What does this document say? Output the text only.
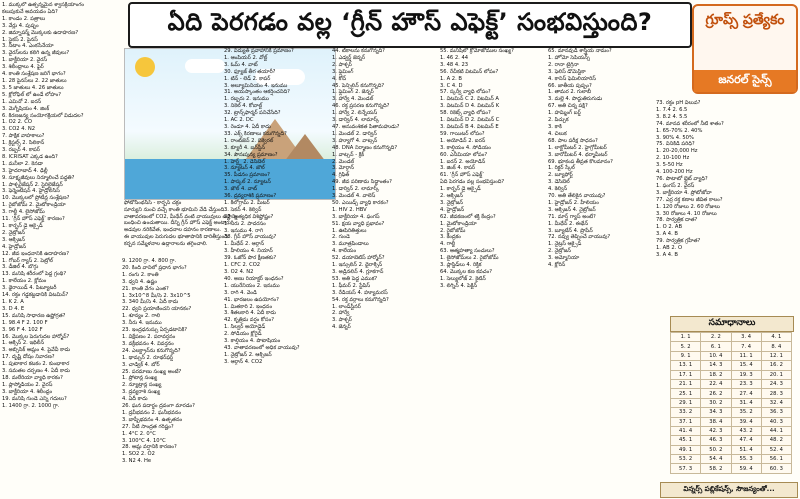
ఏది పెరగడం వల్ల ‘గ్రీన్ హౌస్ ఎఫెక్ట్’ సంభవిస్తుంది?	గ్రూప్స్ ప్రత్యేకం
జనరల్ సైన్స్
ఫోటోసింథసిస్ - కార్బన్ చక్రం
సూర్యుని నుంచి వచ్చే కాంతి భూమిని వేడి చేస్తుంది.
వాతావరణంలో CO2, మీథేన్ వంటి వాయువులు ఉష్ణాన్ని
బంధించి ఉంచుతాయి. దీన్ని గ్రీన్ హౌస్ ఎఫెక్ట్ అంటారు.
అడవుల నరికివేత, ఇంధనాల దహనం కారణాలు.
ఈ వాయువుల పెరుగుదల భూతాపానికి దారితీస్తుంది.
కర్బన సమ్మేళనాల ఉద్గారాలను తగ్గించాలి.

1. ముక్కలో ఉత్పన్నమైన శ్వాసక్రియాంగం

కలుపుకునే అవయవం ఏది?

1. కాండం 2. పత్రాలు

3. వేర్లు 4. పుష్పం

2. జిమ్నాపర్మ్ మొక్కలకు ఉదాహరణ?

1. సైకస్ 2. పైనస్

3. నీటాం 4. ఎంకసేనేయా

3. వైరస్‌లను కలిగి ఉన్న జీవులు?

1. బాక్టీరియా 2. వైరస్

3. శిలీంధ్రాలు 4. ఫైర్‌

4. కాంతి సంశ్లేషణ జరిగే భాగం?

1. 28 పైనస్‌లు 2. 22 జాతులు

3. 5 జాతులు 4. 26 జాతులు

5. క్లోరోఫిల్ లో ఉండే లోహం?

1. ఎమినో 2. ఐరన్

3. మెగ్నీషియం 4. జింక్

6. కిరణజన్య సంయోగక్రియలో విడుదల?

1. O2 2. CO

3. CO2 4. N2

7. పాక్షిక వాహకాలు?

1. క్రిస్టల్స్ 2. సిలికాన్

3. రబ్బర్ 4. కాపర్

8. ICRISAT ఎక్కడ ఉంది?

1. మనీలా 2. కెనడా

3. హైదరాబాద్ 4. ఢిల్లీ

9. సూక్ష్మజీవులు నిర్మూలించే పద్ధతి?

1. పాశ్చరైజేషన్ 2. స్టెరిలైజేషన్

3. ఫెర్మెంటేషన్ 4. హైడ్రోలిసిస్

10. మొక్కలలో ప్రోటీన్ల సంశ్లేషణ?

1. రైబోజోమ్ 2. మైటోకాండ్రియా

3. గాల్జీ 4. లైసోజోమ్

11. ‘గ్రీన్ హౌస్ ఎఫెక్ట్’ కారణం?

1. కార్బన్ డై ఆక్సైడ్

2. నైట్రోజన్

3. ఆక్సిజన్

4. హైడ్రోజన్

12. జీవ ఇంధనానికి ఉదాహరణ?

1. గోబర్ గ్యాస్ 2. పెట్రోల్

3. డీజిల్ 4. బొగ్గు

13. మనిషి శరీరంలో పెద్ద గ్రంథి?

1. కాలేయం 2. క్లోమం

3. థైరాయిడ్ 4. పిట్యూటరీ

14. రక్తం గడ్డకట్టడానికి విటమిన్?

1. K 2. A

3. D 4. E

15. మనిషి సాధారణ ఉష్ణోగ్రత?

1. 98.4 F 2. 100 F

3. 96 F 4. 102 F

16. మొక్కల పెరుగుదల హార్మోన్?

1. ఆక్సిన్ 2. ఇథిలీన్

3. అబ్సిసిక్ ఆమ్లం 4. పైవేవీ కాదు

17. దృష్టి దోషం నివారణ?

1. పుటాకార కటకం 2. కుంభాకార

3. సమతల దర్పణం 4. ఏదీ కాదు

18. మలేరియా వ్యాధి కారకం?

1. ప్లాస్మోడియం 2. వైరస్

3. బాక్టీరియా 4. శిలీంధ్రం

19. మనిషి గుండె ఎన్ని గదులు?

1. 1400 గ్రా. 2. 1000 గ్రా.

9. 1200 గ్రా. 4. 800 గ్రా.

20. కింది వానిలో ప్రధాన భాగం?

1. రంగు 2. కాంతి

3. ధ్వని 4. ఉష్ణం

21. కాంతి వేగం ఎంత?

1. 3x10^8 మీ/సె 2. 3x10^5

3. 340 మీ/సె 4. ఏదీ కాదు

22. ధ్వని ప్రయాణించని యానకం?

1. శూన్యం 2. గాలి

3. నీరు 4. ఇనుము

23. ఇంద్రధనుస్సు ఏర్పడటానికి?

1. విక్షేపణం 2. పరావర్తనం

3. వక్రీభవనం 4. వివర్తనం

24. ఎలక్ట్రాన్‌ను కనుగొన్నది?

1. థామ్సన్ 2. రూథర్‌ఫర్డ్

3. చాడ్విక్ 4. బోర్

25. పరమాణు సంఖ్య అంటే?

1. ప్రోటాన్ల సంఖ్య

2. న్యూట్రాన్ల సంఖ్య

3. ద్రవ్యరాశి సంఖ్య

4. ఏదీ కాదు

26. ఘన పదార్థం ద్రవంగా మారడం?

1. ద్రవీభవనం 2. ఘనీభవనం

3. బాష్పీభవనం 4. ఉత్పతనం

27. నీటి సాంద్రత గరిష్టం?

1. 4°C 2. 0°C

3. 100°C 4. 10°C

28. ఆమ్ల వర్షానికి కారణం?

1. SO2 2. O2

3. N2 4. He

29. విద్యుత్ ప్రవాహానికి ప్రమాణం?

1. ఆంపియర్ 2. వోల్ట్

3. ఓమ్ 4. వాట్

30. ఫ్యూజ్ తీగ తయారీ?

1. టిన్ - లెడ్ 2. కాపర్

3. అల్యూమినియం 4. ఇనుము

31. అయస్కాంతం ఆకర్షించనిది?

1. రబ్బరు 2. ఇనుము

3. నికెల్ 4. కోబాల్ట్

32. ట్రాన్స్‌ఫార్మర్ పనిచేసేది?

1. AC 2. DC

3. రెండూ 4. ఏదీ కాదు

33. ఎక్స్ కిరణాలు కనుగొన్నది?

1. రాంట్‌జెన్ 2. బెక్వెరల్

3. క్యూరీ 4. ఐన్‌స్టీన్

34. పౌనఃపున్య ప్రమాణం?

1. హెర్ట్జ్ 2. డెసిబెల్

3. న్యూటన్ 4. జౌల్

35. పీడనం ప్రమాణం?

1. పాస్కల్ 2. న్యూటన్

3. జౌల్ 4. వాట్

36. ద్రవ్యరాశికి ప్రమాణం?

1. కిలోగ్రామ్ 2. మీటర్

3. సెకన్ 4. కెల్విన్

37. అత్యధిక విశిష్టోష్ణం?

1. నీరు 2. పాదరసం

3. ఇనుము 4. రాగి

38. గ్రీన్ హౌస్ వాయువు?

1. మీథేన్ 2. ఆర్గాన్

3. హీలియం 4. నియాన్

39. ఓజోన్ పొర క్షీణతకు?

1. CFC 2. CO2

3. O2 4. N2

40. అణు రియాక్టర్ ఇంధనం?

1. యురేనియం 2. ఇనుము

3. రాగి 4. వెండి

41. భారజలం ఉపయోగం?

1. మితకారి 2. ఇంధనం

3. శీతలకారి 4. ఏదీ కాదు

42. కృత్రిమ వర్షం కోసం?

1. సిల్వర్ అయోడైడ్

2. సోడియం క్లోరైడ్

3. కాల్షియం 4. పొటాషియం

43. వాతావరణంలో అధిక వాయువు?

1. నైట్రోజన్ 2. ఆక్సిజన్

3. ఆర్గాన్ 4. CO2

44. టీకాలను కనుగొన్నది?

1. ఎడ్వర్డ్ జెన్నర్

2. పాశ్చర్

3. ఫ్లెమింగ్

4. కోచ్

45. పెన్సిలిన్ కనుగొన్నది?

1. ఫ్లెమింగ్ 2. జెన్నర్

3. హార్వే 4. మెండల్

46. రక్త ప్రసరణ కనుగొన్నది?

1. హార్వే 2. లిన్నేయస్

3. డార్విన్ 4. లామార్క్

47. అనువంశికత పితామహుడు?

1. మెండల్ 2. డార్విన్

3. హ్యూగో 4. వాట్సన్

48. DNA నిర్మాణం కనుగొన్నది?

1. వాట్సన్ - క్రిక్

2. మెండల్

3. మోర్గాన్

4. గ్రిఫిత్

49. జీవ పరిణామ సిద్ధాంతం?

1. డార్విన్ 2. లామార్క్

3. మెండల్ 4. వాలెస్

50. ఎయిడ్స్ వ్యాధి కారకం?

1. HIV 2. HBV

3. బాక్టీరియా 4. ఫంగస్

51. క్షయ వ్యాధి ప్రభావం?

1. ఊపిరితిత్తులు

2. గుండె

3. మూత్రపిండాలు

4. కాలేయం

52. డయాబెటిస్ హార్మోన్?

1. ఇన్సులిన్ 2. థైరాక్సిన్

3. అడ్రినలిన్ 4. గ్లూకగాన్

53. అతి పెద్ద ఎముక?

1. ఫీమర్ 2. స్టేపిస్

3. రేడియస్ 4. హ్యూమరస్

54. రక్త వర్గాలు కనుగొన్నది?

1. లాండ్‌స్టీనర్

2. హార్వే

3. పాశ్చర్

4. జెన్నర్

55. మనిషిలో క్రోమోజోముల సంఖ్య?

1. 46 2. 44

3. 48 4. 23

56. రేచీకటి విటమిన్ లోపం?

1. A 2. B

3. C 4. D

57. స్కర్వీ వ్యాధి లోపం?

1. విటమిన్ C 2. విటమిన్ A

3. విటమిన్ D 4. విటమిన్ K

58. రికెట్స్ వ్యాధి లోపం?

1. విటమిన్ D 2. విటమిన్ C

3. విటమిన్ B 4. విటమిన్ E

59. గాయిటర్ లోపం?

1. అయోడిన్ 2. ఐరన్

3. కాల్షియం 4. సోడియం

60. ఎనీమియా లోపం?

1. ఐరన్ 2. అయోడిన్

3. జింక్ 4. కాపర్

61. ‘గ్రీన్ హౌస్ ఎఫెక్ట్’

ఏది పెరగడం వల్ల సంభవిస్తుంది?

1. కార్బన్ డై ఆక్సైడ్

2. ఆక్సిజన్

3. నైట్రోజన్

4. హైడ్రోజన్

62. జీవకణంలో శక్తి కేంద్రం?

1. మైటోకాండ్రియా

2. రైబోజోమ్

3. కేంద్రకం

4. గాల్జీ

63. ఆత్మహత్యా సంచులు?

1. లైసోజోమ్‌లు 2. రైబోజోమ్

3. ప్లాస్టిడ్‌లు 4. రిక్తిక

64. మొక్కల కణ కవచం?

1. సెల్యులోజ్ 2. కైటిన్

3. లిగ్నిన్ 4. పెక్టిన్

65. మానవుడి శాస్త్రీయ నామం?

1. హోమో సెపియన్స్

2. రానా టైగ్రినా

3. ఫెలిస్ డొమెస్టికా

4. కానిస్ ఫెమిలియారిస్

66. జాతీయ పుష్పం?

1. తామర 2. గులాబీ

3. మల్లె 4. పొద్దుతిరుగుడు

67. అతి చిన్న పక్షి?

1. హమ్మింగ్ బర్డ్

2. పిచ్చుక

3. కాకి

4. చిలుక

68. పాల పరీక్ష సాధనం?

1. లాక్టోమీటర్ 2. హైగ్రోమీటర్

3. బారోమీటర్ 4. థర్మామీటర్

69. భూకంప తీవ్రత కొలమానం?

1. రిక్టర్ స్కేల్

2. బ్యూఫోర్ట్

3. డెసిబెల్

4. కెల్విన్

70. అతి తేలికైన వాయువు?

1. హైడ్రోజన్ 2. హీలియం

3. ఆక్సిజన్ 4. నైట్రోజన్

71. మార్ష్ గ్యాస్ అంటే?

1. మీథేన్ 2. ఈథేన్

3. బ్యూటేన్ 4. ప్రొపేన్

72. నవ్వు తెప్పించే వాయువు?

1. నైట్రస్ ఆక్సైడ్

2. నైట్రోజన్

3. అమ్మోనియా

4. క్లోరిన్

73. రక్తం pH విలువ?

1. 7.4 2. 6.5

3. 8.2 4. 5.5

74. మానవ శరీరంలో నీటి శాతం?

1. 65-70% 2. 40%

3. 90% 4. 50%

75. వినికిడి పరిధి?

1. 20-20,000 Hz

2. 10-100 Hz

3. 5-50 Hz

4. 100-200 Hz

76. పొటాటో బ్లైట్ వ్యాధి?

1. ఫంగస్ 2. వైరస్

3. బాక్టీరియా 4. ప్రోటోజోవా

77. ఎర్ర రక్త కణాల జీవిత కాలం?

1. 120 రోజులు 2. 60 రోజులు

3. 30 రోజులు 4. 10 రోజులు

78. సార్వత్రిక దాత?

1. O 2. AB

3. A 4. B

79. సార్వత్రిక గ్రహీత?

1. AB 2. O

3. A 4. B

సమాధానాలు
1. 1	2. 2	3. 4	4. 1
5. 2	6. 1	7. 4	8. 4
9. 1	10. 4	11. 1	12. 1
13. 1	14. 3	15. 4	16. 2
17. 1	18. 2	19. 3	20. 1
21. 1	22. 4	23. 3	24. 3
25. 1	26. 2	27. 4	28. 3
29. 1	30. 2	31. 4	32. 4
33. 2	34. 3	35. 2	36. 3
37. 1	38. 4	39. 4	40. 3
41. 4	42. 3	43. 2	44. 1
45. 1	46. 3	47. 4	48. 2
49. 1	50. 2	51. 4	52. 4
53. 2	54. 4	55. 3	56. 1
57. 3	58. 2	59. 4	60. 3
విన్నర్స్ పబ్లికేషన్స్, సౌజన్యంతో...
